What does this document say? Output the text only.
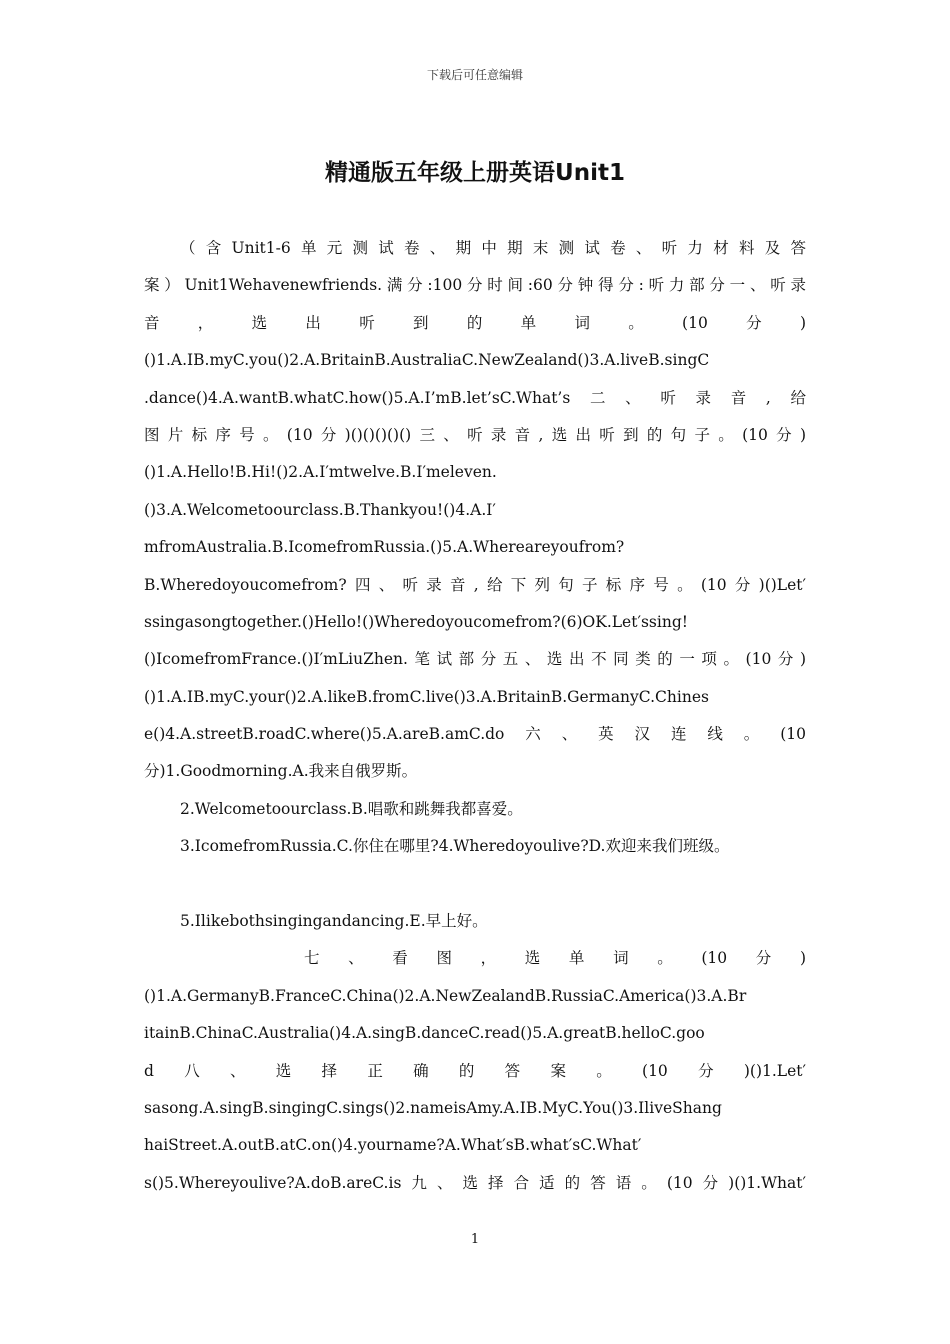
下载后可任意编辑
精通版五年级上册英语Unit1
（含Unit1-6单元测试卷、期中期末测试卷、听力材料及答
案）Unit1Wehavenewfriends.满分:100分时间:60分钟得分:听力部分一、听录
音，选出听到的单词。(10分)
()1.A.IB.myC.you()2.A.BritainB.AustraliaC.NewZealand()3.A.liveB.singC
.dance()4.A.wantB.whatC.how()5.A.I’mB.let’sC.What’s二、听录音,给
图片标序号。(10分)()()()()()三、听录音,选出听到的句子。(10分)
()1.A.Hello!B.Hi!()2.A.I′mtwelve.B.I′meleven.
()3.A.Welcometoourclass.B.Thankyou!()4.A.I′
mfromAustralia.B.IcomefromRussia.()5.A.Whereareyoufrom?
B.Wheredoyoucomefrom?四、听录音,给下列句子标序号。(10分)()Let′
ssingasongtogether.()Hello!()Wheredoyoucomefrom?(6)OK.Let′ssing!
()IcomefromFrance.()I′mLiuZhen.笔试部分五、选出不同类的一项。(10分)
()1.A.IB.myC.your()2.A.likeB.fromC.live()3.A.BritainB.GermanyC.Chines
e()4.A.streetB.roadC.where()5.A.areB.amC.do六、英汉连线。(10
分)1.Goodmorning.A.我来自俄罗斯。
2.Welcometoourclass.B.唱歌和跳舞我都喜爱。
3.IcomefromRussia.C.你住在哪里?4.Wheredoyoulive?D.欢迎来我们班级。
5.Ilikebothsingingandancing.E.早上好。
七、看图，选单词。(10分)
()1.A.GermanyB.FranceC.China()2.A.NewZealandB.RussiaC.America()3.A.Br
itainB.ChinaC.Australia()4.A.singB.danceC.read()5.A.greatB.helloC.goo
d八、选择正确的答案。(10分)()1.Let′
sasong.A.singB.singingC.sings()2.nameisAmy.A.IB.MyC.You()3.IliveShang
haiStreet.A.outB.atC.on()4.yourname?A.What′sB.what′sC.What′
s()5.Whereyoulive?A.doB.areC.is九、选择合适的答语。(10分)()1.What′
1
